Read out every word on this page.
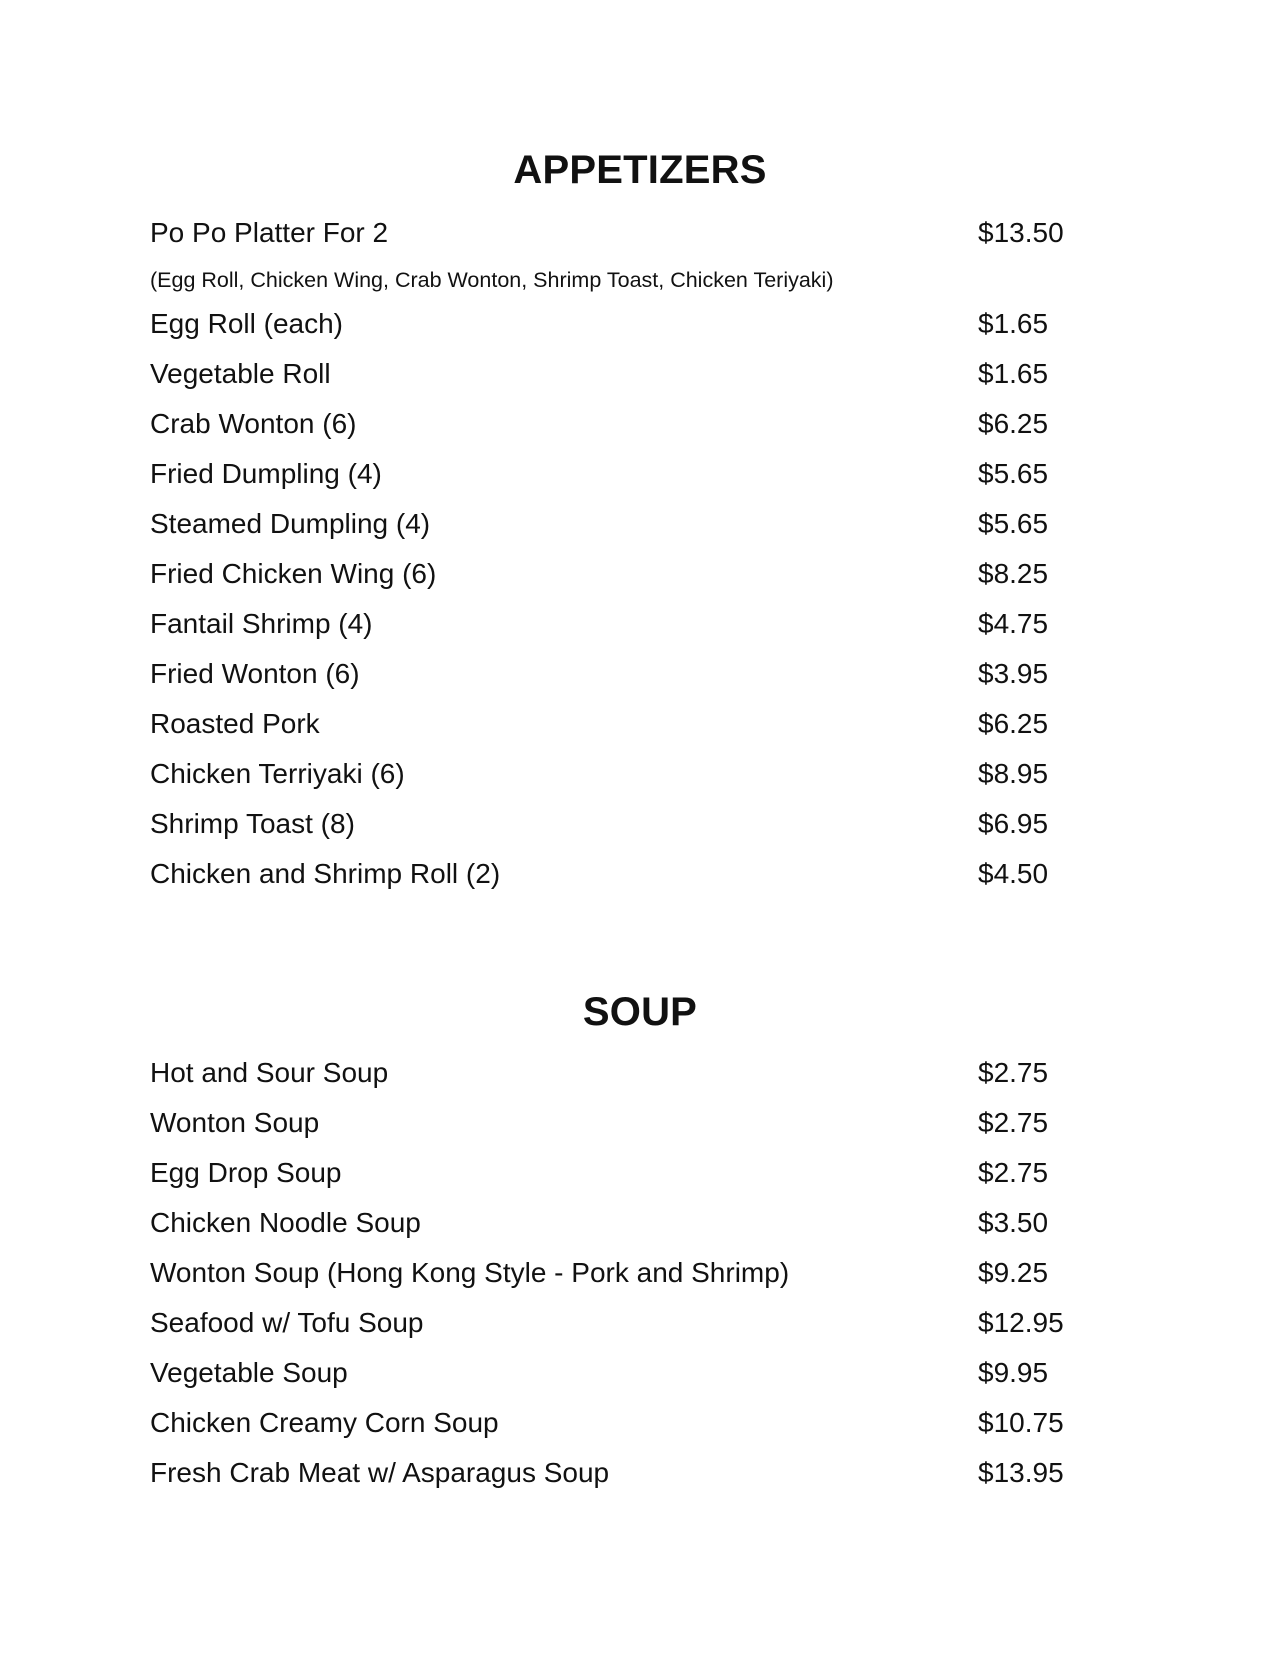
APPETIZERS
Po Po Platter For 2	$13.50
(Egg Roll, Chicken Wing, Crab Wonton, Shrimp Toast, Chicken Teriyaki)
Egg Roll (each)	$1.65
Vegetable Roll	$1.65
Crab Wonton (6)	$6.25
Fried Dumpling (4)	$5.65
Steamed Dumpling (4)	$5.65
Fried Chicken Wing (6)	$8.25
Fantail Shrimp (4)	$4.75
Fried Wonton (6)	$3.95
Roasted Pork	$6.25
Chicken Terriyaki (6)	$8.95
Shrimp Toast (8)	$6.95
Chicken and Shrimp Roll (2)	$4.50
SOUP
Hot and Sour Soup	$2.75
Wonton Soup	$2.75
Egg Drop Soup	$2.75
Chicken Noodle Soup	$3.50
Wonton Soup (Hong Kong Style - Pork and Shrimp)	$9.25
Seafood w/ Tofu Soup	$12.95
Vegetable Soup	$9.95
Chicken Creamy Corn Soup	$10.75
Fresh Crab Meat w/ Asparagus Soup	$13.95
